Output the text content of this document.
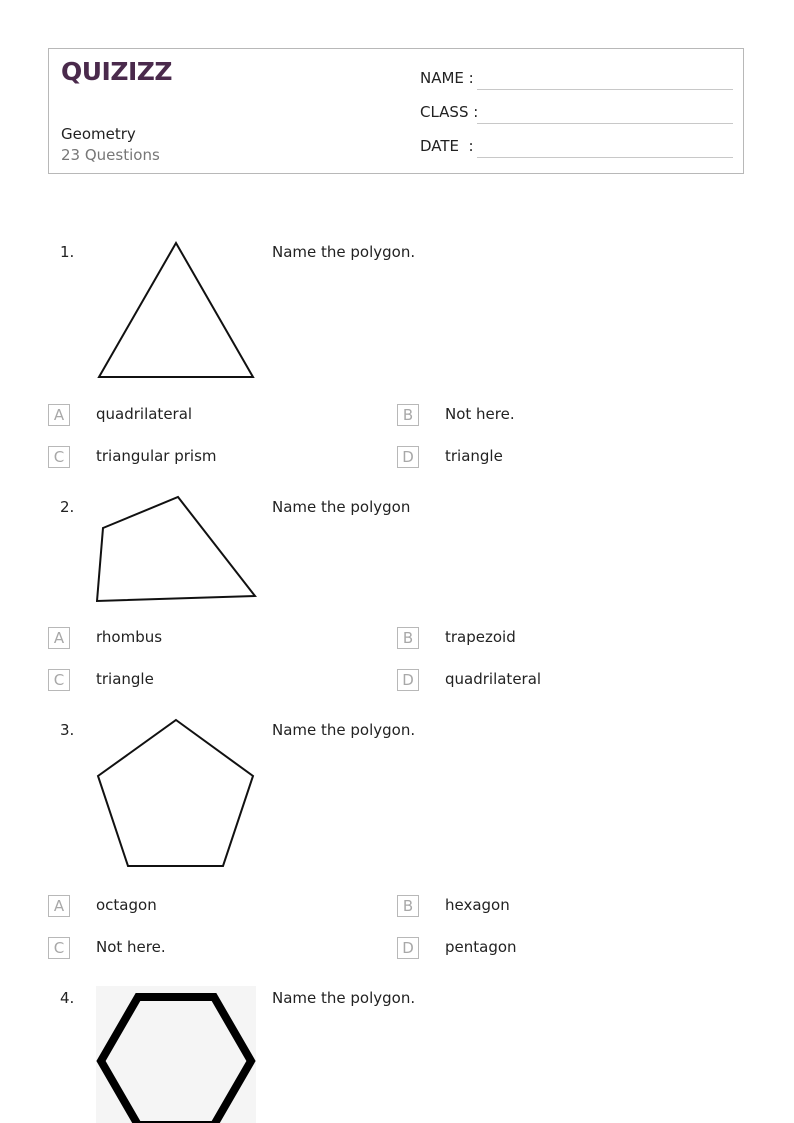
QUIZIZZ
Geometry
23 Questions
NAME :
CLASS :
DATE  :
1.	Name the polygon.
A	quadrilateral	B	Not here.
C	triangular prism	D	triangle
2.	Name the polygon
A	rhombus	B	trapezoid
C	triangle	D	quadrilateral
3.	Name the polygon.
A	octagon	B	hexagon
C	Not here.	D	pentagon
4.	Name the polygon.
